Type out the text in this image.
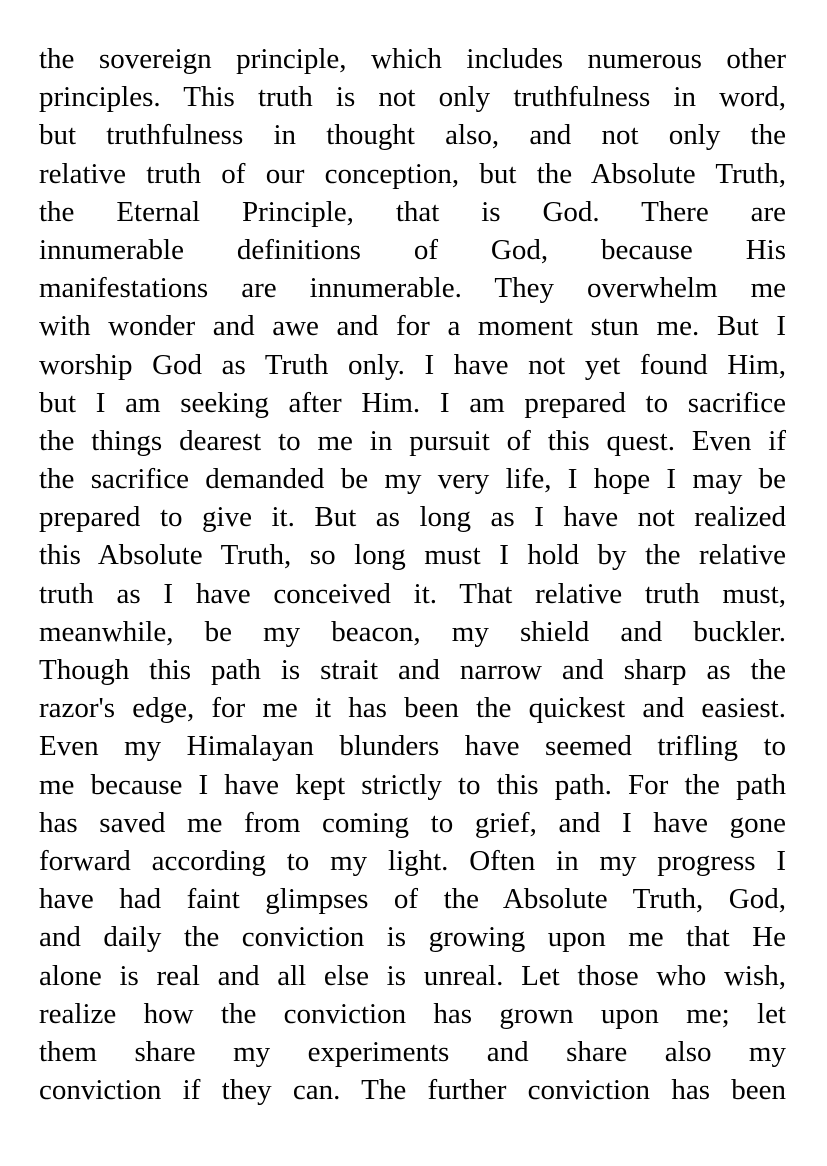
the sovereign principle, which includes numerous other
principles. This truth is not only truthfulness in word,
but truthfulness in thought also, and not only the
relative truth of our conception, but the Absolute Truth,
the Eternal Principle, that is God. There are
innumerable definitions of God, because His
manifestations are innumerable. They overwhelm me
with wonder and awe and for a moment stun me. But I
worship God as Truth only. I have not yet found Him,
but I am seeking after Him. I am prepared to sacrifice
the things dearest to me in pursuit of this quest. Even if
the sacrifice demanded be my very life, I hope I may be
prepared to give it. But as long as I have not realized
this Absolute Truth, so long must I hold by the relative
truth as I have conceived it. That relative truth must,
meanwhile, be my beacon, my shield and buckler.
Though this path is strait and narrow and sharp as the
razor's edge, for me it has been the quickest and easiest.
Even my Himalayan blunders have seemed trifling to
me because I have kept strictly to this path. For the path
has saved me from coming to grief, and I have gone
forward according to my light. Often in my progress I
have had faint glimpses of the Absolute Truth, God,
and daily the conviction is growing upon me that He
alone is real and all else is unreal. Let those who wish,
realize how the conviction has grown upon me; let
them share my experiments and share also my
conviction if they can. The further conviction has been
